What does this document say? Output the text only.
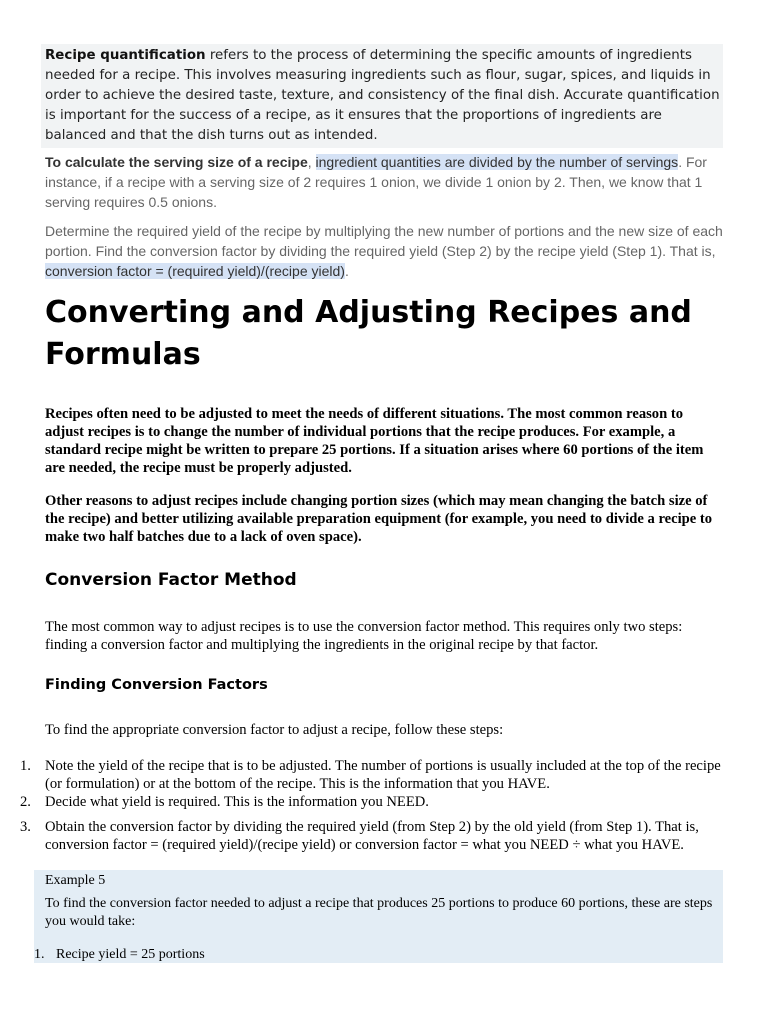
Recipe quantification refers to the process of determining the specific amounts of ingredients needed for a recipe. This involves measuring ingredients such as flour, sugar, spices, and liquids in order to achieve the desired taste, texture, and consistency of the final dish. Accurate quantification is important for the success of a recipe, as it ensures that the proportions of ingredients are balanced and that the dish turns out as intended.
To calculate the serving size of a recipe, ingredient quantities are divided by the number of servings. For instance, if a recipe with a serving size of 2 requires 1 onion, we divide 1 onion by 2. Then, we know that 1 serving requires 0.5 onions.
Determine the required yield of the recipe by multiplying the new number of portions and the new size of each portion. Find the conversion factor by dividing the required yield (Step 2) by the recipe yield (Step 1). That is, conversion factor = (required yield)/(recipe yield).
Converting and Adjusting Recipes and Formulas
Recipes often need to be adjusted to meet the needs of different situations. The most common reason to adjust recipes is to change the number of individual portions that the recipe produces. For example, a standard recipe might be written to prepare 25 portions. If a situation arises where 60 portions of the item are needed, the recipe must be properly adjusted.
Other reasons to adjust recipes include changing portion sizes (which may mean changing the batch size of the recipe) and better utilizing available preparation equipment (for example, you need to divide a recipe to make two half batches due to a lack of oven space).
Conversion Factor Method
The most common way to adjust recipes is to use the conversion factor method. This requires only two steps: finding a conversion factor and multiplying the ingredients in the original recipe by that factor.
Finding Conversion Factors
To find the appropriate conversion factor to adjust a recipe, follow these steps:
1. Note the yield of the recipe that is to be adjusted. The number of portions is usually included at the top of the recipe (or formulation) or at the bottom of the recipe. This is the information that you HAVE.
2. Decide what yield is required. This is the information you NEED.
3. Obtain the conversion factor by dividing the required yield (from Step 2) by the old yield (from Step 1). That is, conversion factor = (required yield)/(recipe yield) or conversion factor = what you NEED ÷ what you HAVE.
Example 5
To find the conversion factor needed to adjust a recipe that produces 25 portions to produce 60 portions, these are steps you would take:
1. Recipe yield = 25 portions
